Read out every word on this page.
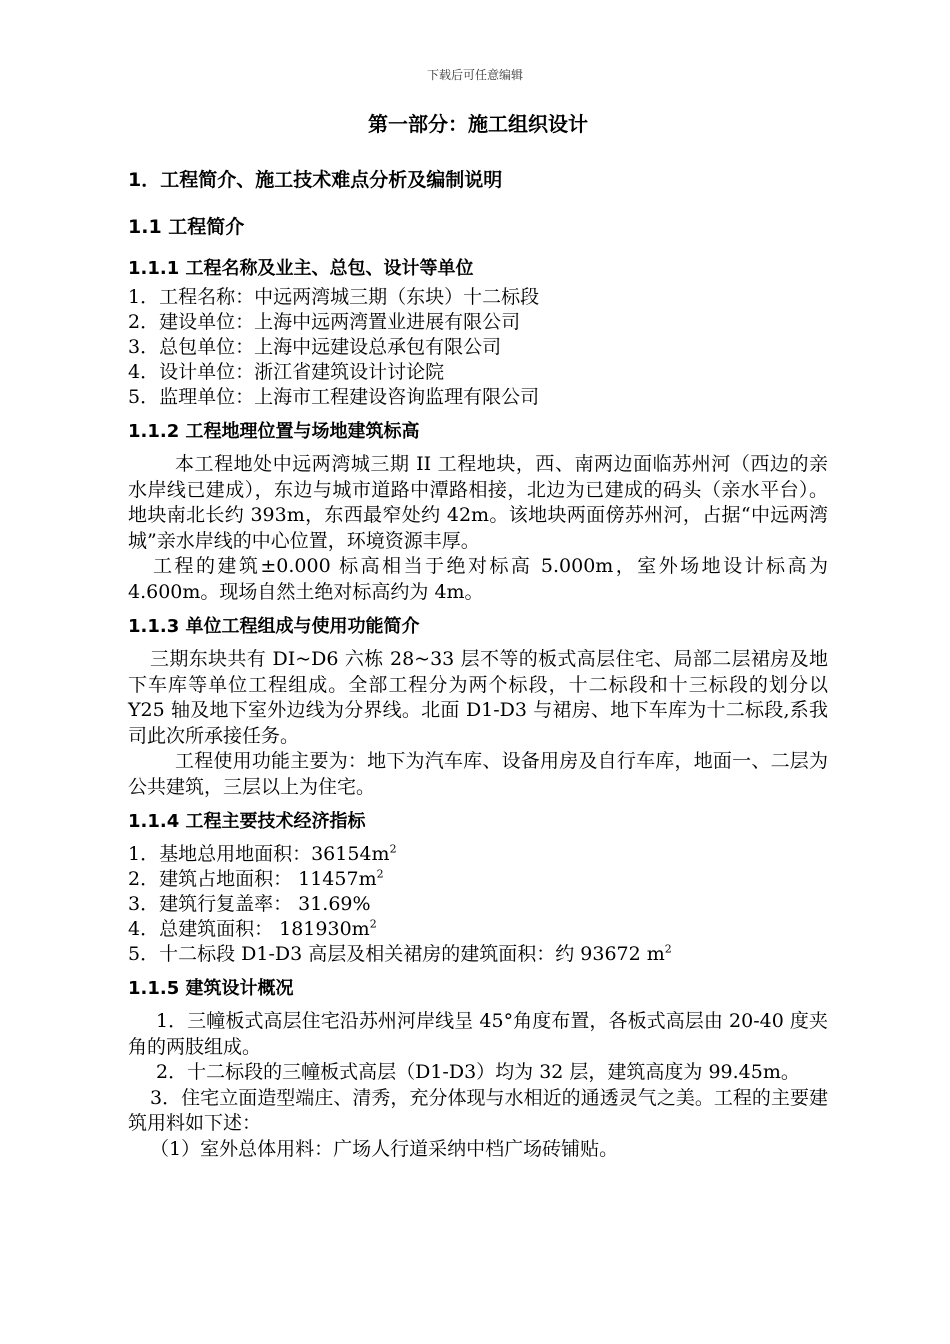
下载后可任意编辑
第一部分：施工组织设计
1．工程简介、施工技术难点分析及编制说明
1.1 工程简介
1.1.1 工程名称及业主、总包、设计等单位
1．工程名称：中远两湾城三期（东块）十二标段
2．建设单位：上海中远两湾置业进展有限公司
3．总包单位：上海中远建设总承包有限公司
4．设计单位：浙江省建筑设计讨论院
5．监理单位：上海市工程建设咨询监理有限公司
1.1.2 工程地理位置与场地建筑标高

本工程地处中远两湾城三期 II 工程地块，西、南两边面临苏州河（西边的亲水岸线已建成），东边与城市道路中潭路相接，北边为已建成的码头（亲水平台）。地块南北长约 393m，东西最窄处约 42m。该地块两面傍苏州河，占据“中远两湾城”亲水岸线的中心位置，环境资源丰厚。

工程的建筑±0.000 标高相当于绝对标高 5.000m，室外场地设计标高为 4.600m。现场自然土绝对标高约为 4m。

1.1.3 单位工程组成与使用功能简介

三期东块共有 DI~D6 六栋 28~33 层不等的板式高层住宅、局部二层裙房及地下车库等单位工程组成。全部工程分为两个标段，十二标段和十三标段的划分以 Y25 轴及地下室外边线为分界线。北面 D1-D3 与裙房、地下车库为十二标段,系我司此次所承接任务。

工程使用功能主要为：地下为汽车库、设备用房及自行车库，地面一、二层为公共建筑，三层以上为住宅。

1.1.4 工程主要技术经济指标
1．基地总用地面积：$36154m^2$
2．建筑占地面积： $11457m^2$
3．建筑行复盖率： 31.69%
4．总建筑面积： $181930m^2$
5．十二标段 D1-D3 高层及相关裙房的建筑面积：约 93672 $m^2$
1.1.5 建筑设计概况

1．三幢板式高层住宅沿苏州河岸线呈 45°角度布置，各板式高层由 20-40 度夹角的两肢组成。

2．十二标段的三幢板式高层（D1-D3）均为 32 层，建筑高度为 99.45m。

3．住宅立面造型端庄、清秀，充分体现与水相近的通透灵气之美。工程的主要建筑用料如下述：

（1）室外总体用料：广场人行道采纳中档广场砖铺贴。
